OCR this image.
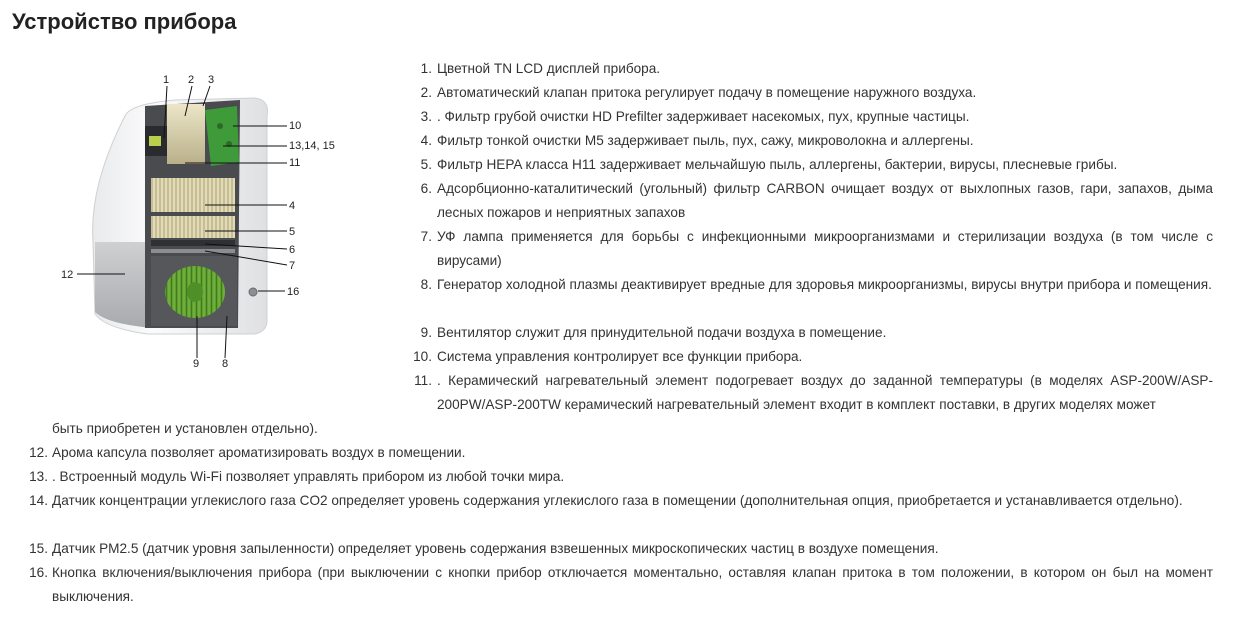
Устройство прибора
1 2 3
10
13,14, 15
11
4
5
6
7
12
16
9 8
1. Цветной TN LCD дисплей прибора.
2. Автоматический клапан притока регулирует подачу в помещение наружного воздуха.
3. . Фильтр грубой очистки HD Prefilter задерживает насекомых, пух, крупные частицы.
4. Фильтр тонкой очистки М5 задерживает пыль, пух, сажу, микроволокна и аллергены.
5. Фильтр HEPA класса H11 задерживает мельчайшую пыль, аллергены, бактерии, вирусы, плесневые грибы.
6. Адсорбционно-каталитический (угольный) фильтр CARBON очищает воздух от выхлопных газов, гари, запахов, дыма лесных пожаров и неприятных запахов
7. УФ лампа применяется для борьбы с инфекционными микроорганизмами и стерилизации воздуха (в том числе с вирусами)
8. Генератор холодной плазмы деактивирует вредные для здоровья микроорганизмы, вирусы внутри прибора и помещения.
9. Вентилятор служит для принудительной подачи воздуха в помещение.
10. Система управления контролирует все функции прибора.
11. . Керамический нагревательный элемент подогревает воздух до заданной температуры (в моделях ASP-200W/ASP-200PW/ASP-200TW керамический нагревательный элемент входит в комплект поставки, в других моделях может
быть приобретен и установлен отдельно).
12. Арома капсула позволяет ароматизировать воздух в помещении.
13. . Встроенный модуль Wi-Fi позволяет управлять прибором из любой точки мира.
14. Датчик концентрации углекислого газа CO2 определяет уровень содержания углекислого газа в помещении (дополнительная опция, приобретается и устанавливается отдельно).
15. Датчик PM2.5 (датчик уровня запыленности) определяет уровень содержания взвешенных микроскопических частиц в воздухе помещения.
16. Кнопка включения/выключения прибора (при выключении с кнопки прибор отключается моментально, оставляя клапан притока в том положении, в котором он был на момент выключения.
